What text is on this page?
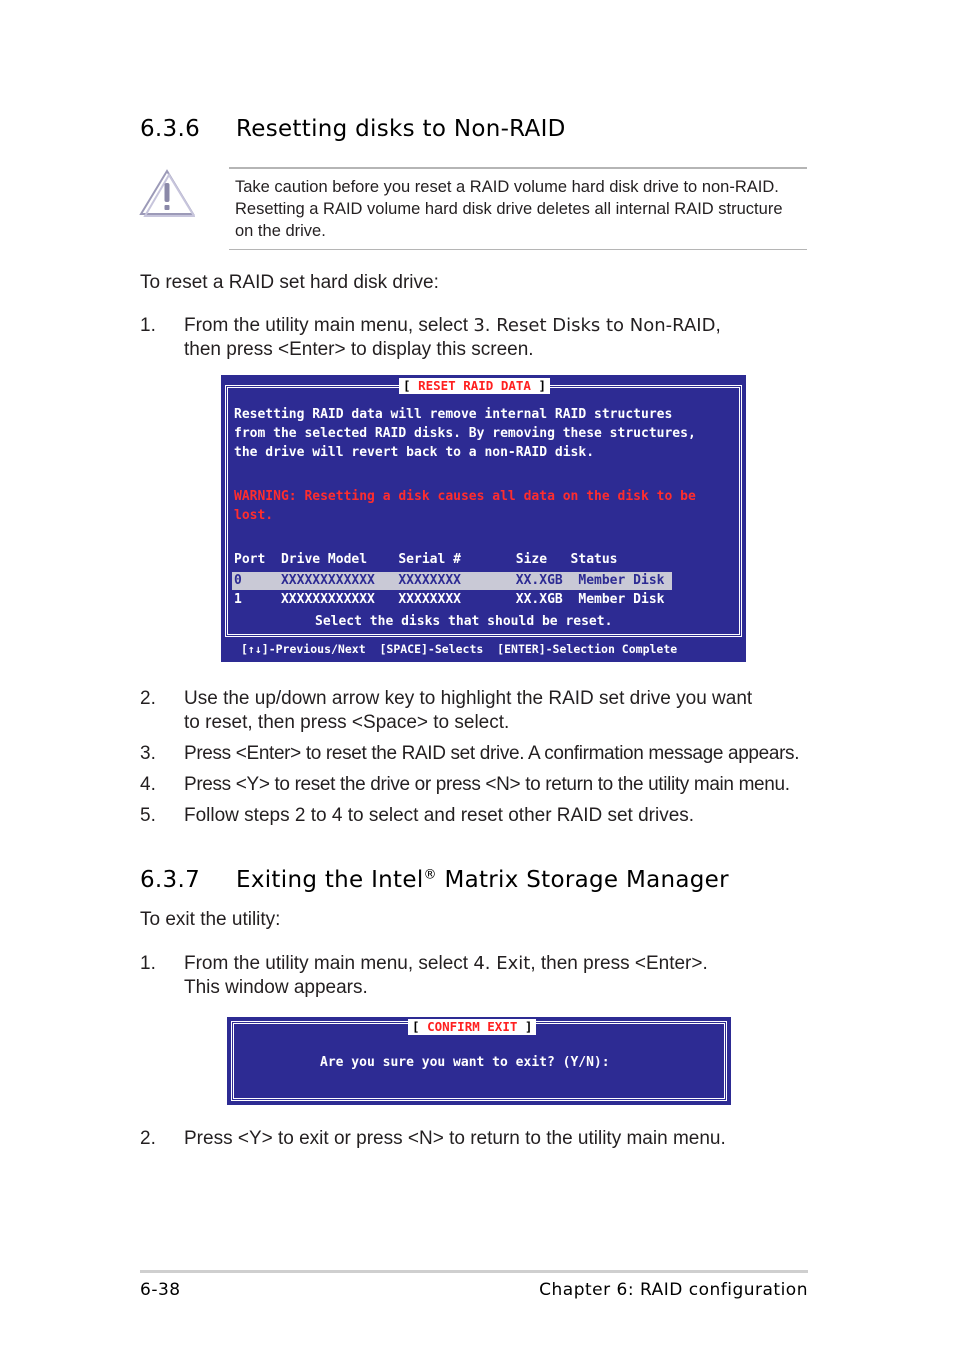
6.3.6 Resetting disks to Non-RAID
Take caution before you reset a RAID volume hard disk drive to non-RAID.
Resetting a RAID volume hard disk drive deletes all internal RAID structure
on the drive.
To reset a RAID set hard disk drive:
1. From the utility main menu, select 3. Reset Disks to Non-RAID,
then press <Enter> to display this screen.
[ RESET RAID DATA ]
Resetting RAID data will remove internal RAID structures
from the selected RAID disks. By removing these structures,
the drive will revert back to a non-RAID disk.
WARNING: Resetting a disk causes all data on the disk to be
lost.
Port  Drive Model    Serial #       Size   Status
0     XXXXXXXXXXXX   XXXXXXXX       XX.XGB  Member Disk
1     XXXXXXXXXXXX   XXXXXXXX       XX.XGB  Member Disk
Select the disks that should be reset.
[↑↓]-Previous/Next  [SPACE]-Selects  [ENTER]-Selection Complete
2. Use the up/down arrow key to highlight the RAID set drive you want
to reset, then press <Space> to select.
3. Press <Enter> to reset the RAID set drive. A confirmation message appears.
4. Press <Y> to reset the drive or press <N> to return to the utility main menu.
5. Follow steps 2 to 4 to select and reset other RAID set drives.
6.3.7 Exiting the Intel® Matrix Storage Manager
To exit the utility:
1. From the utility main menu, select 4. Exit, then press <Enter>.
This window appears.
[ CONFIRM EXIT ]
Are you sure you want to exit? (Y/N):
2. Press <Y> to exit or press <N> to return to the utility main menu.
6-38	Chapter 6: RAID configuration
